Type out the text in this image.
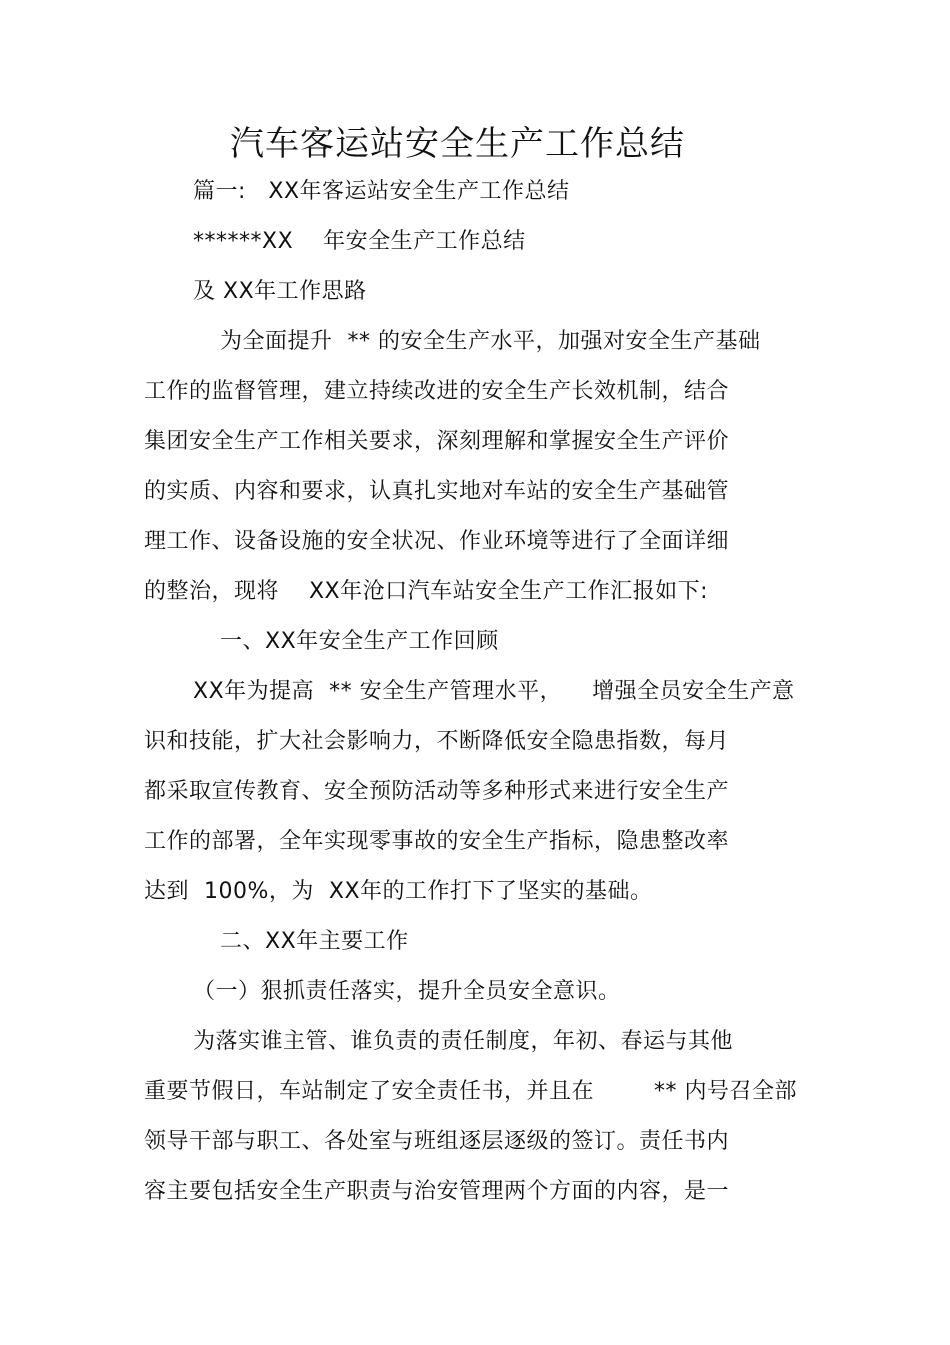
汽车客运站安全生产工作总结
篇一:   XX年客运站安全生产工作总结
******XX    年安全生产工作总结
及 XX年工作思路
为全面提升  ** 的安全生产水平，加强对安全生产基础
工作的监督管理，建立持续改进的安全生产长效机制，结合
集团安全生产工作相关要求，深刻理解和掌握安全生产评价
的实质、内容和要求，认真扎实地对车站的安全生产基础管
理工作、设备设施的安全状况、作业环境等进行了全面详细
的整治，现将    XX年沧口汽车站安全生产工作汇报如下:
一、XX年安全生产工作回顾
XX年为提高  ** 安全生产管理水平，    增强全员安全生产意
识和技能，扩大社会影响力，不断降低安全隐患指数，每月
都采取宣传教育、安全预防活动等多种形式来进行安全生产
工作的部署，全年实现零事故的安全生产指标，隐患整改率
达到  100%，为  XX年的工作打下了坚实的基础。
二、XX年主要工作
（一）狠抓责任落实，提升全员安全意识。
为落实谁主管、谁负责的责任制度，年初、春运与其他
重要节假日，车站制定了安全责任书，并且在        ** 内号召全部
领导干部与职工、各处室与班组逐层逐级的签订。责任书内
容主要包括安全生产职责与治安管理两个方面的内容，是一
